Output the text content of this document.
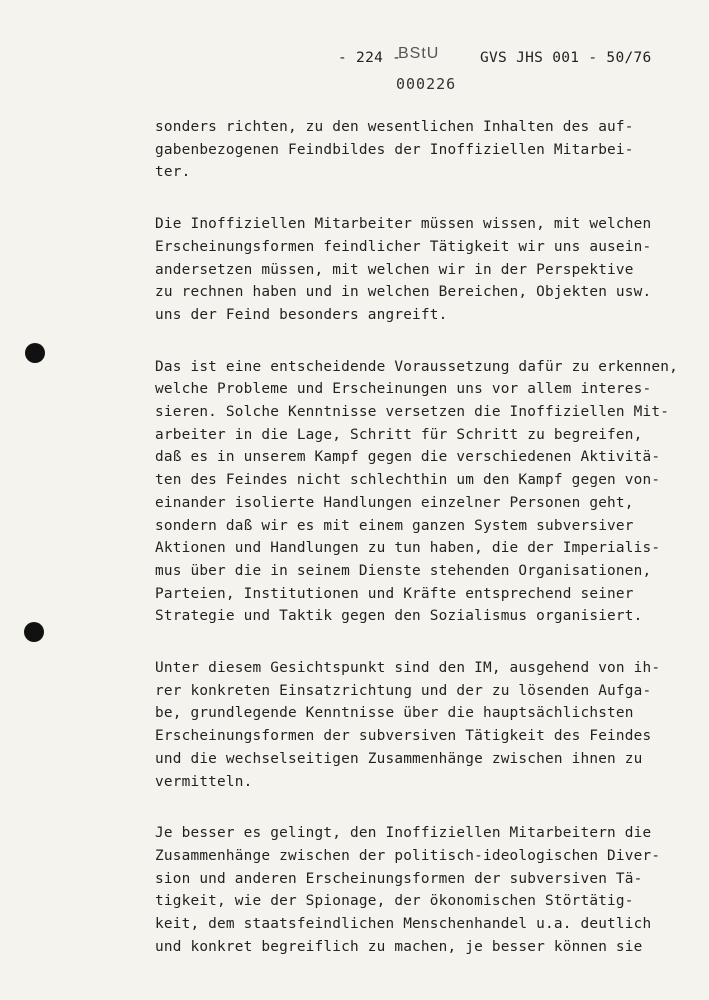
- 224 -
BStU
000226
GVS JHS 001 - 50/76
sonders richten, zu den wesentlichen Inhalten des auf-
gabenbezogenen Feindbildes der Inoffiziellen Mitarbei-
ter.
Die Inoffiziellen Mitarbeiter müssen wissen, mit welchen
Erscheinungsformen feindlicher Tätigkeit wir uns ausein-
andersetzen müssen, mit welchen wir in der Perspektive
zu rechnen haben und in welchen Bereichen, Objekten usw.
uns der Feind besonders angreift.
Das ist eine entscheidende Voraussetzung dafür zu erkennen,
welche Probleme und Erscheinungen uns vor allem interes-
sieren. Solche Kenntnisse versetzen die Inoffiziellen Mit-
arbeiter in die Lage, Schritt für Schritt zu begreifen,
daß es in unserem Kampf gegen die verschiedenen Aktivitä-
ten des Feindes nicht schlechthin um den Kampf gegen von-
einander isolierte Handlungen einzelner Personen geht,
sondern daß wir es mit einem ganzen System subversiver
Aktionen und Handlungen zu tun haben, die der Imperialis-
mus über die in seinem Dienste stehenden Organisationen,
Parteien, Institutionen und Kräfte entsprechend seiner
Strategie und Taktik gegen den Sozialismus organisiert.
Unter diesem Gesichtspunkt sind den IM, ausgehend von ih-
rer konkreten Einsatzrichtung und der zu lösenden Aufga-
be, grundlegende Kenntnisse über die hauptsächlichsten
Erscheinungsformen der subversiven Tätigkeit des Feindes
und die wechselseitigen Zusammenhänge zwischen ihnen zu
vermitteln.
Je besser es gelingt, den Inoffiziellen Mitarbeitern die
Zusammenhänge zwischen der politisch-ideologischen Diver-
sion und anderen Erscheinungsformen der subversiven Tä-
tigkeit, wie der Spionage, der ökonomischen Störtätig-
keit, dem staatsfeindlichen Menschenhandel u.a. deutlich
und konkret begreiflich zu machen, je besser können sie
